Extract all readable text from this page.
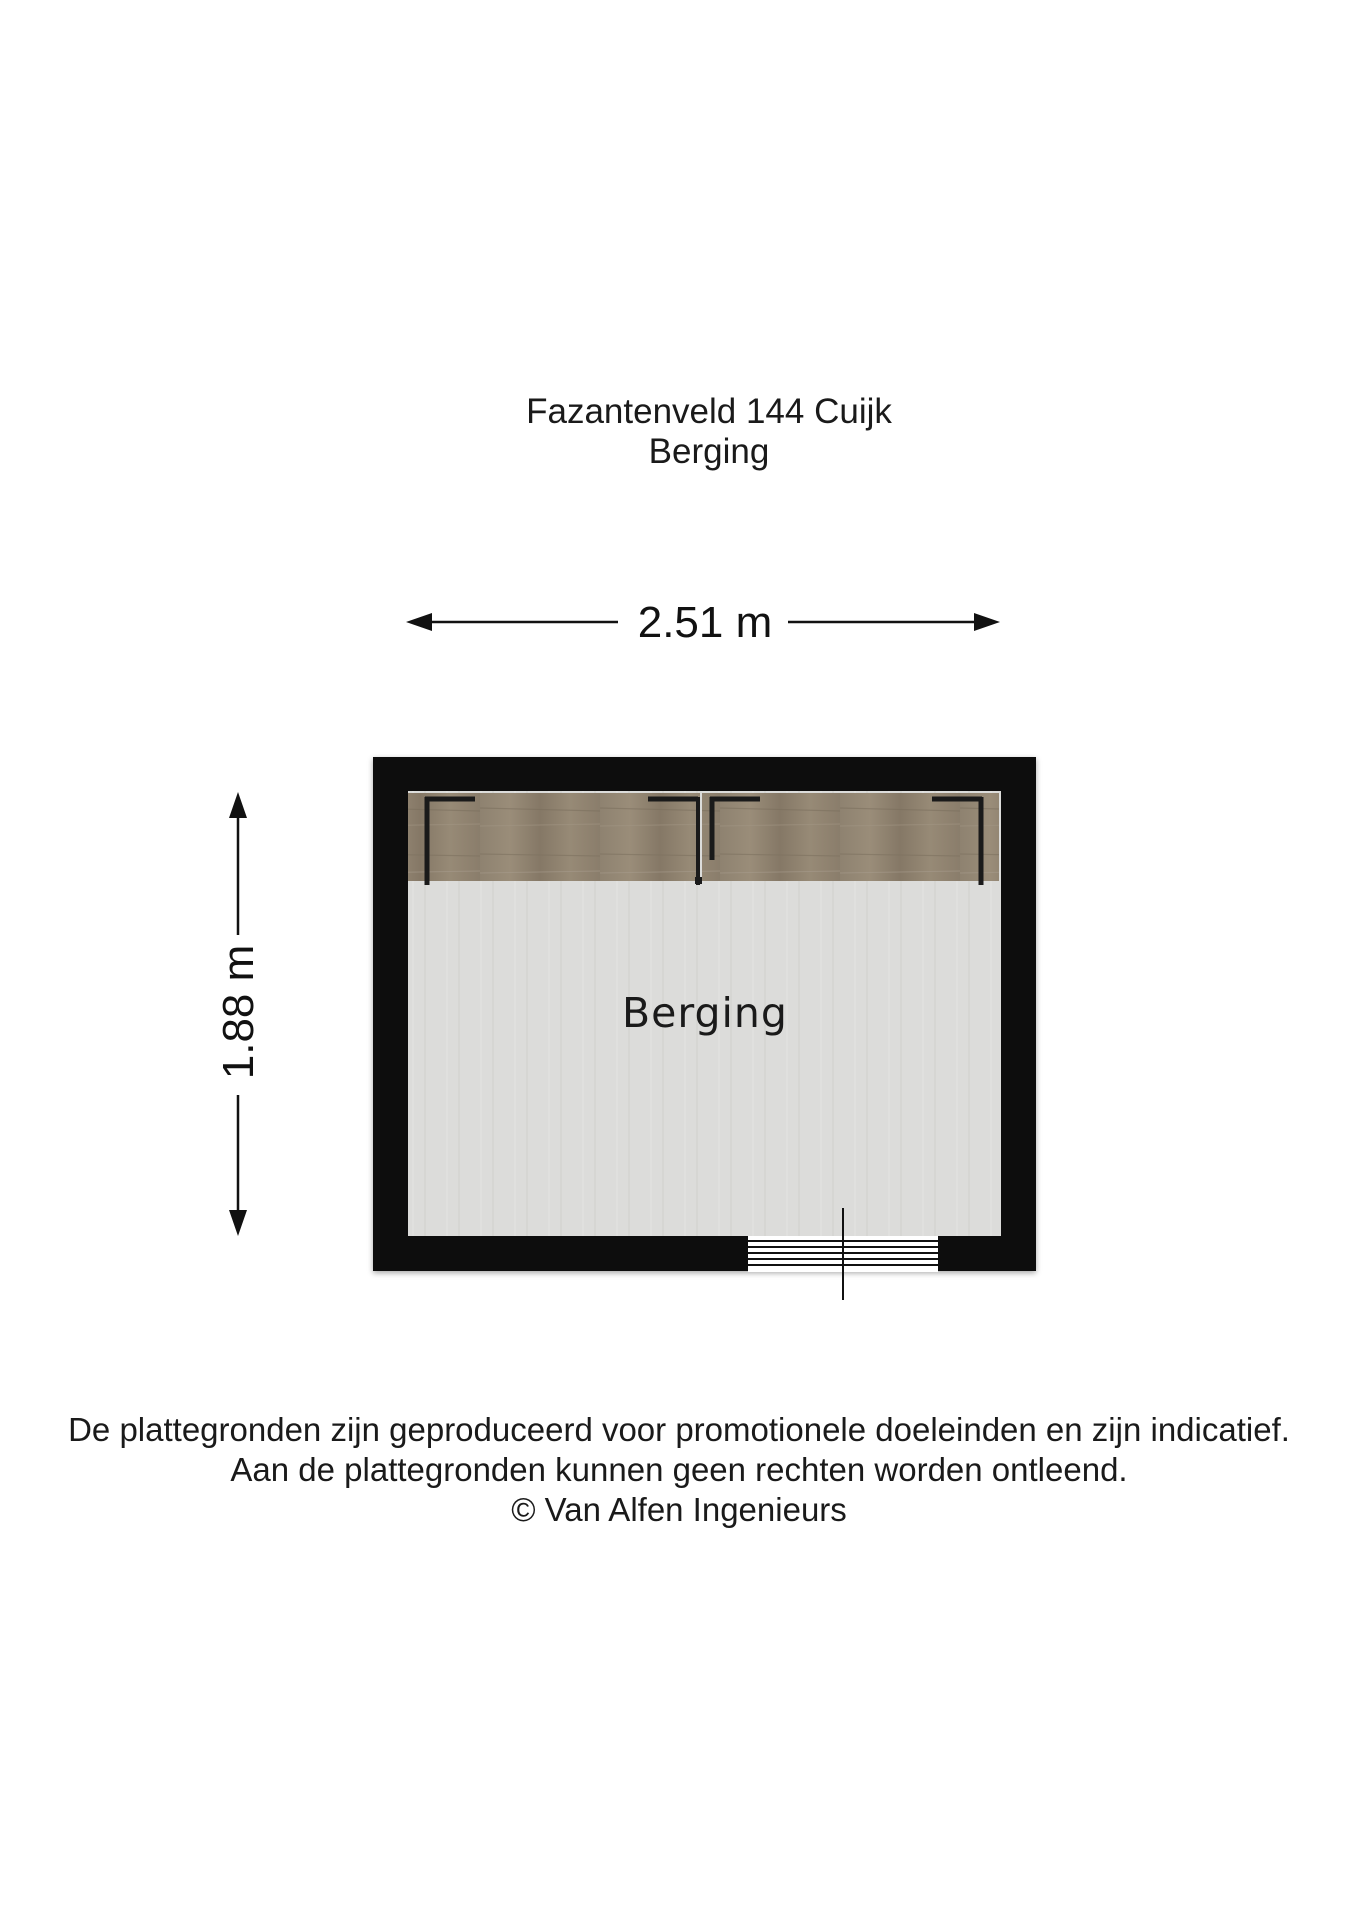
Fazantenveld 144 Cuijk
Berging
2.51 m
1.88 m	Berging
De plattegronden zijn geproduceerd voor promotionele doeleinden en zijn indicatief.
Aan de plattegronden kunnen geen rechten worden ontleend.
© Van Alfen Ingenieurs
